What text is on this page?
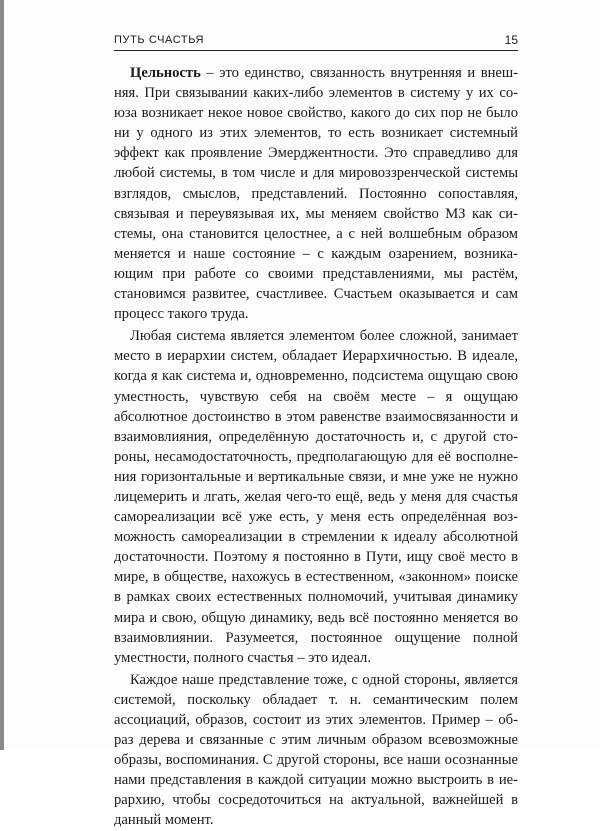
ПУТЬ СЧАСТЬЯ	15

Цельность – это единство, связанность внутренняя и внешняя. При связывании каких-либо элементов в систему у их союза возникает некое новое свойство, какого до сих пор не было ни у одного из этих элементов, то есть возникает системный эффект как проявление Эмерджентности. Это справедливо для любой системы, в том числе и для мировоззренческой системы взглядов, смыслов, представлений. Постоянно сопоставляя, связывая и переувязывая их, мы меняем свойство МЗ как системы, она становится целостнее, а с ней волшебным образом меняется и наше состояние – с каждым озарением, возникающим при работе со своими представлениями, мы растём, становимся развитее, счастливее. Счастьем оказывается и сам процесс такого труда.

Любая система является элементом более сложной, занимает место в иерархии систем, обладает Иерархичностью. В идеале, когда я как система и, одновременно, подсистема ощущаю свою уместность, чувствую себя на своём месте – я ощущаю абсолютное достоинство в этом равенстве взаимосвязанности и взаимовлияния, определённую достаточность и, с другой стороны, несамодостаточность, предполагающую для её восполнения горизонтальные и вертикальные связи, и мне уже не нужно лицемерить и лгать, желая чего-то ещё, ведь у меня для счастья самореализации всё уже есть, у меня есть определённая возможность самореализации в стремлении к идеалу абсолютной достаточности. Поэтому я постоянно в Пути, ищу своё место в мире, в обществе, нахожусь в естественном, «законном» поиске в рамках своих естественных полномочий, учитывая динамику мира и свою, общую динамику, ведь всё постоянно меняется во взаимовлиянии. Разумеется, постоянное ощущение полной уместности, полного счастья – это идеал.

Каждое наше представление тоже, с одной стороны, является системой, поскольку обладает т. н. семантическим полем ассоциаций, образов, состоит из этих элементов. Пример – образ дерева и связанные с этим личным образом всевозможные образы, воспоминания. С другой стороны, все наши осознанные нами представления в каждой ситуации можно выстроить в иерархию, чтобы сосредоточиться на актуальной, важнейшей в данный момент.
